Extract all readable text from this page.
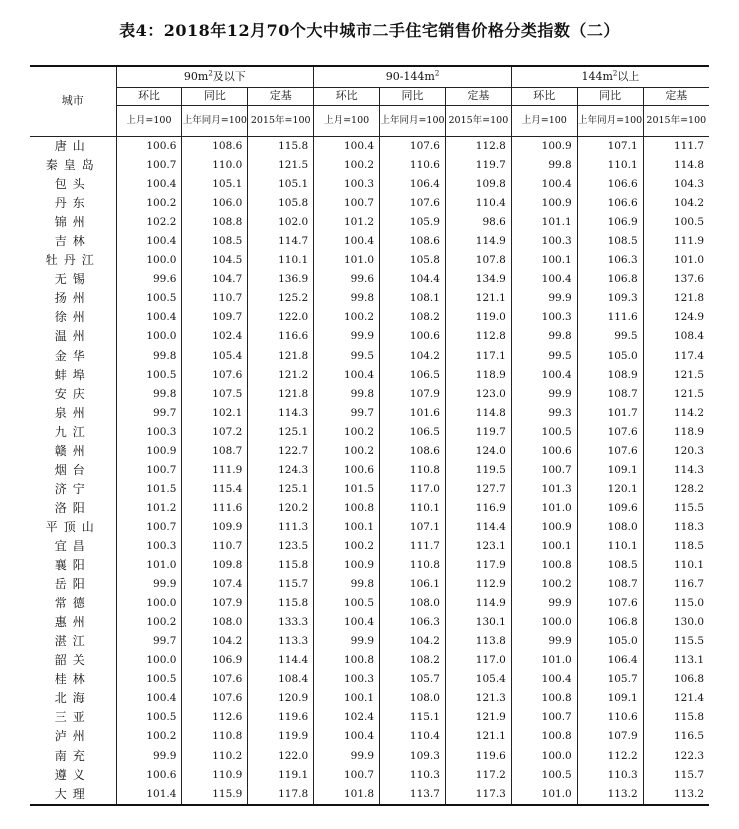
表4：2018年12月70个大中城市二手住宅销售价格分类指数（二）
城市	$90m^2$及以下			$90-144m^2$			$144m^2$以上		
	环比	同比	定基	环比	同比	定基	环比	同比	定基
	上月=100	上年同月=100	2015年=100	上月=100	上年同月=100	2015年=100	上月=100	上年同月=100	2015年=100
唐山	100.6	108.6	115.8	100.4	107.6	112.8	100.9	107.1	111.7
秦皇岛	100.7	110.0	121.5	100.2	110.6	119.7	99.8	110.1	114.8
包头	100.4	105.1	105.1	100.3	106.4	109.8	100.4	106.6	104.3
丹东	100.2	106.0	105.8	100.7	107.6	110.4	100.9	106.6	104.2
锦州	102.2	108.8	102.0	101.2	105.9	98.6	101.1	106.9	100.5
吉林	100.4	108.5	114.7	100.4	108.6	114.9	100.3	108.5	111.9
牡丹江	100.0	104.5	110.1	101.0	105.8	107.8	100.1	106.3	101.0
无锡	99.6	104.7	136.9	99.6	104.4	134.9	100.4	106.8	137.6
扬州	100.5	110.7	125.2	99.8	108.1	121.1	99.9	109.3	121.8
徐州	100.4	109.7	122.0	100.2	108.2	119.0	100.3	111.6	124.9
温州	100.0	102.4	116.6	99.9	100.6	112.8	99.8	99.5	108.4
金华	99.8	105.4	121.8	99.5	104.2	117.1	99.5	105.0	117.4
蚌埠	100.5	107.6	121.2	100.4	106.5	118.9	100.4	108.9	121.5
安庆	99.8	107.5	121.8	99.8	107.9	123.0	99.9	108.7	121.5
泉州	99.7	102.1	114.3	99.7	101.6	114.8	99.3	101.7	114.2
九江	100.3	107.2	125.1	100.2	106.5	119.7	100.5	107.6	118.9
赣州	100.9	108.7	122.7	100.2	108.6	124.0	100.6	107.6	120.3
烟台	100.7	111.9	124.3	100.6	110.8	119.5	100.7	109.1	114.3
济宁	101.5	115.4	125.1	101.5	117.0	127.7	101.3	120.1	128.2
洛阳	101.2	111.6	120.2	100.8	110.1	116.9	101.0	109.6	115.5
平顶山	100.7	109.9	111.3	100.1	107.1	114.4	100.9	108.0	118.3
宜昌	100.3	110.7	123.5	100.2	111.7	123.1	100.1	110.1	118.5
襄阳	101.0	109.8	115.8	100.9	110.8	117.9	100.8	108.5	110.1
岳阳	99.9	107.4	115.7	99.8	106.1	112.9	100.2	108.7	116.7
常德	100.0	107.9	115.8	100.5	108.0	114.9	99.9	107.6	115.0
惠州	100.2	108.0	133.3	100.4	106.3	130.1	100.0	106.8	130.0
湛江	99.7	104.2	113.3	99.9	104.2	113.8	99.9	105.0	115.5
韶关	100.0	106.9	114.4	100.8	108.2	117.0	101.0	106.4	113.1
桂林	100.5	107.6	108.4	100.3	105.7	105.4	100.4	105.7	106.8
北海	100.4	107.6	120.9	100.1	108.0	121.3	100.8	109.1	121.4
三亚	100.5	112.6	119.6	102.4	115.1	121.9	100.7	110.6	115.8
泸州	100.2	110.8	119.9	100.4	110.4	121.1	100.8	107.9	116.5
南充	99.9	110.2	122.0	99.9	109.3	119.6	100.0	112.2	122.3
遵义	100.6	110.9	119.1	100.7	110.3	117.2	100.5	110.3	115.7
大理	101.4	115.9	117.8	101.8	113.7	117.3	101.0	113.2	113.2
